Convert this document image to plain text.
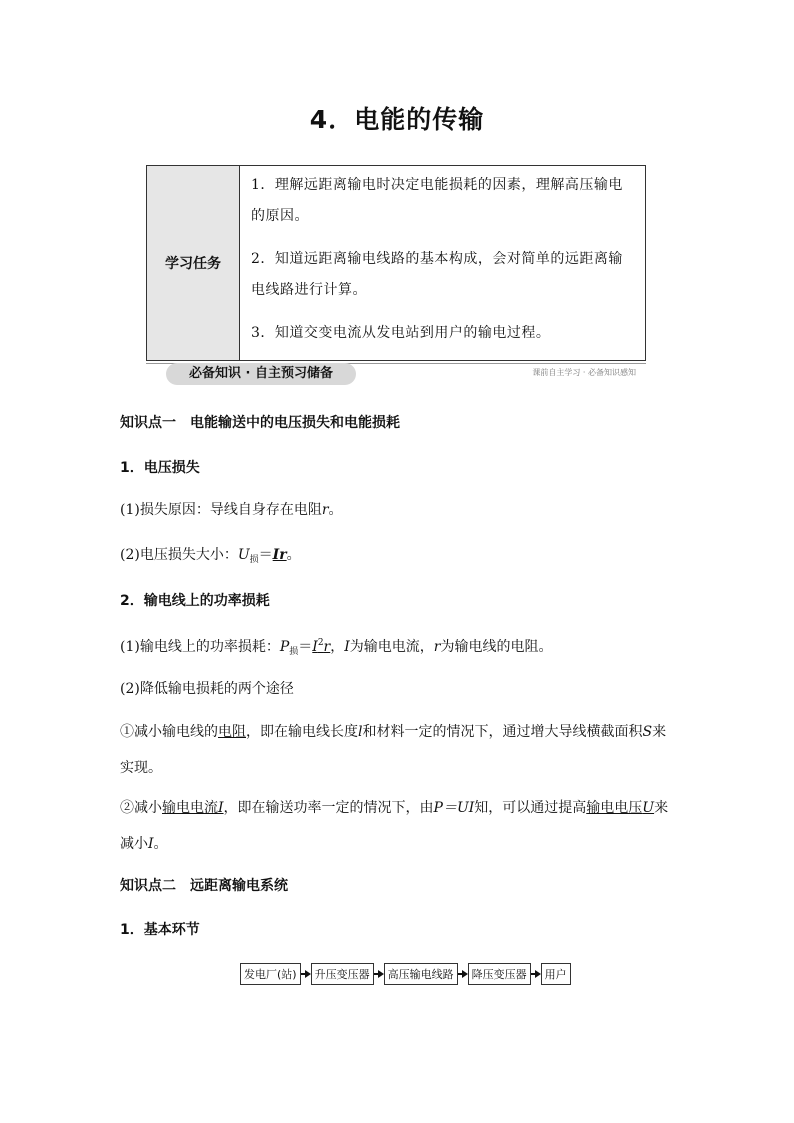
4．电能的传输
学习任务
1．理解远距离输电时决定电能损耗的因素，理解高压输电的原因。
2．知道远距离输电线路的基本构成，会对简单的远距离输电线路进行计算。
3．知道交变电流从发电站到用户的输电过程。
必备知识 · 自主预习储备	课前自主学习 · 必备知识感知
知识点一　电能输送中的电压损失和电能损耗
1．电压损失
(1)损失原因：导线自身存在电阻r。
(2)电压损失大小：$U_损=Ir$。
2．输电线上的功率损耗
(1)输电线上的功率损耗：$P_损=I^2r$，I为输电电流，r为输电线的电阻。
(2)降低输电损耗的两个途径
①减小输电线的电阻，即在输电线长度l和材料一定的情况下，通过增大导线横截面积S来实现。
②减小输电电流I，即在输送功率一定的情况下，由P＝UI知，可以通过提高输电电压U来减小I。
知识点二　远距离输电系统
1．基本环节
发电厂(站)	升压变压器	高压输电线路	降压变压器	用户
